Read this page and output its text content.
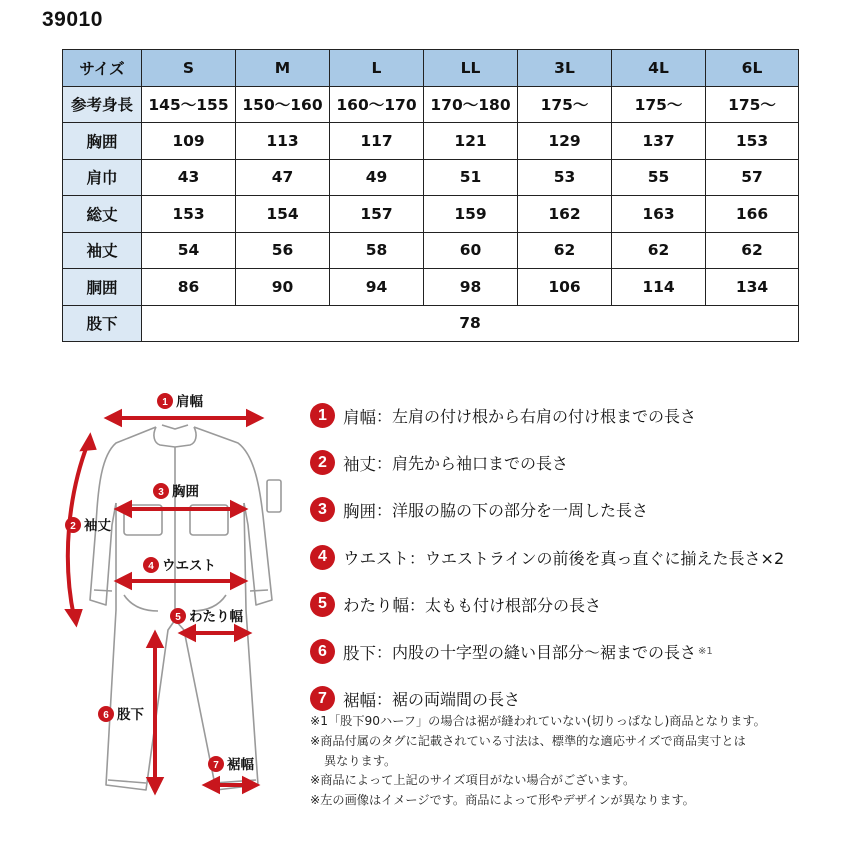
39010
サイズ	S	M	L	LL	3L	4L	6L
参考身長	145〜155	150〜160	160〜170	170〜180	175〜	175〜	175〜
胸囲	109	113	117	121	129	137	153
肩巾	43	47	49	51	53	55	57
総丈	153	154	157	159	162	163	166
袖丈	54	56	58	60	62	62	62
胴囲	86	90	94	98	106	114	134
股下	78						
1 肩幅
2 袖丈
3 胸囲
4 ウエスト
5 わたり幅
6 股下
7 裾幅
1 肩幅 ： 左肩の付け根から右肩の付け根までの長さ
2 袖丈 ： 肩先から袖口までの長さ
3 胸囲 ： 洋服の脇の下の部分を一周した長さ
4 ウエスト ： ウエストラインの前後を真っ直ぐに揃えた長さ×2
5 わたり幅 ： 太もも付け根部分の長さ
6 股下 ： 内股の十字型の縫い目部分〜裾までの長さ ※1
7 裾幅 ： 裾の両端間の長さ
※1「股下90ハーフ」の場合は裾が縫われていない(切りっぱなし)商品となります。
※商品付属のタグに記載されている寸法は、標準的な適応サイズで商品実寸とは
異なります。
※商品によって上記のサイズ項目がない場合がございます。
※左の画像はイメージです。商品によって形やデザインが異なります。
